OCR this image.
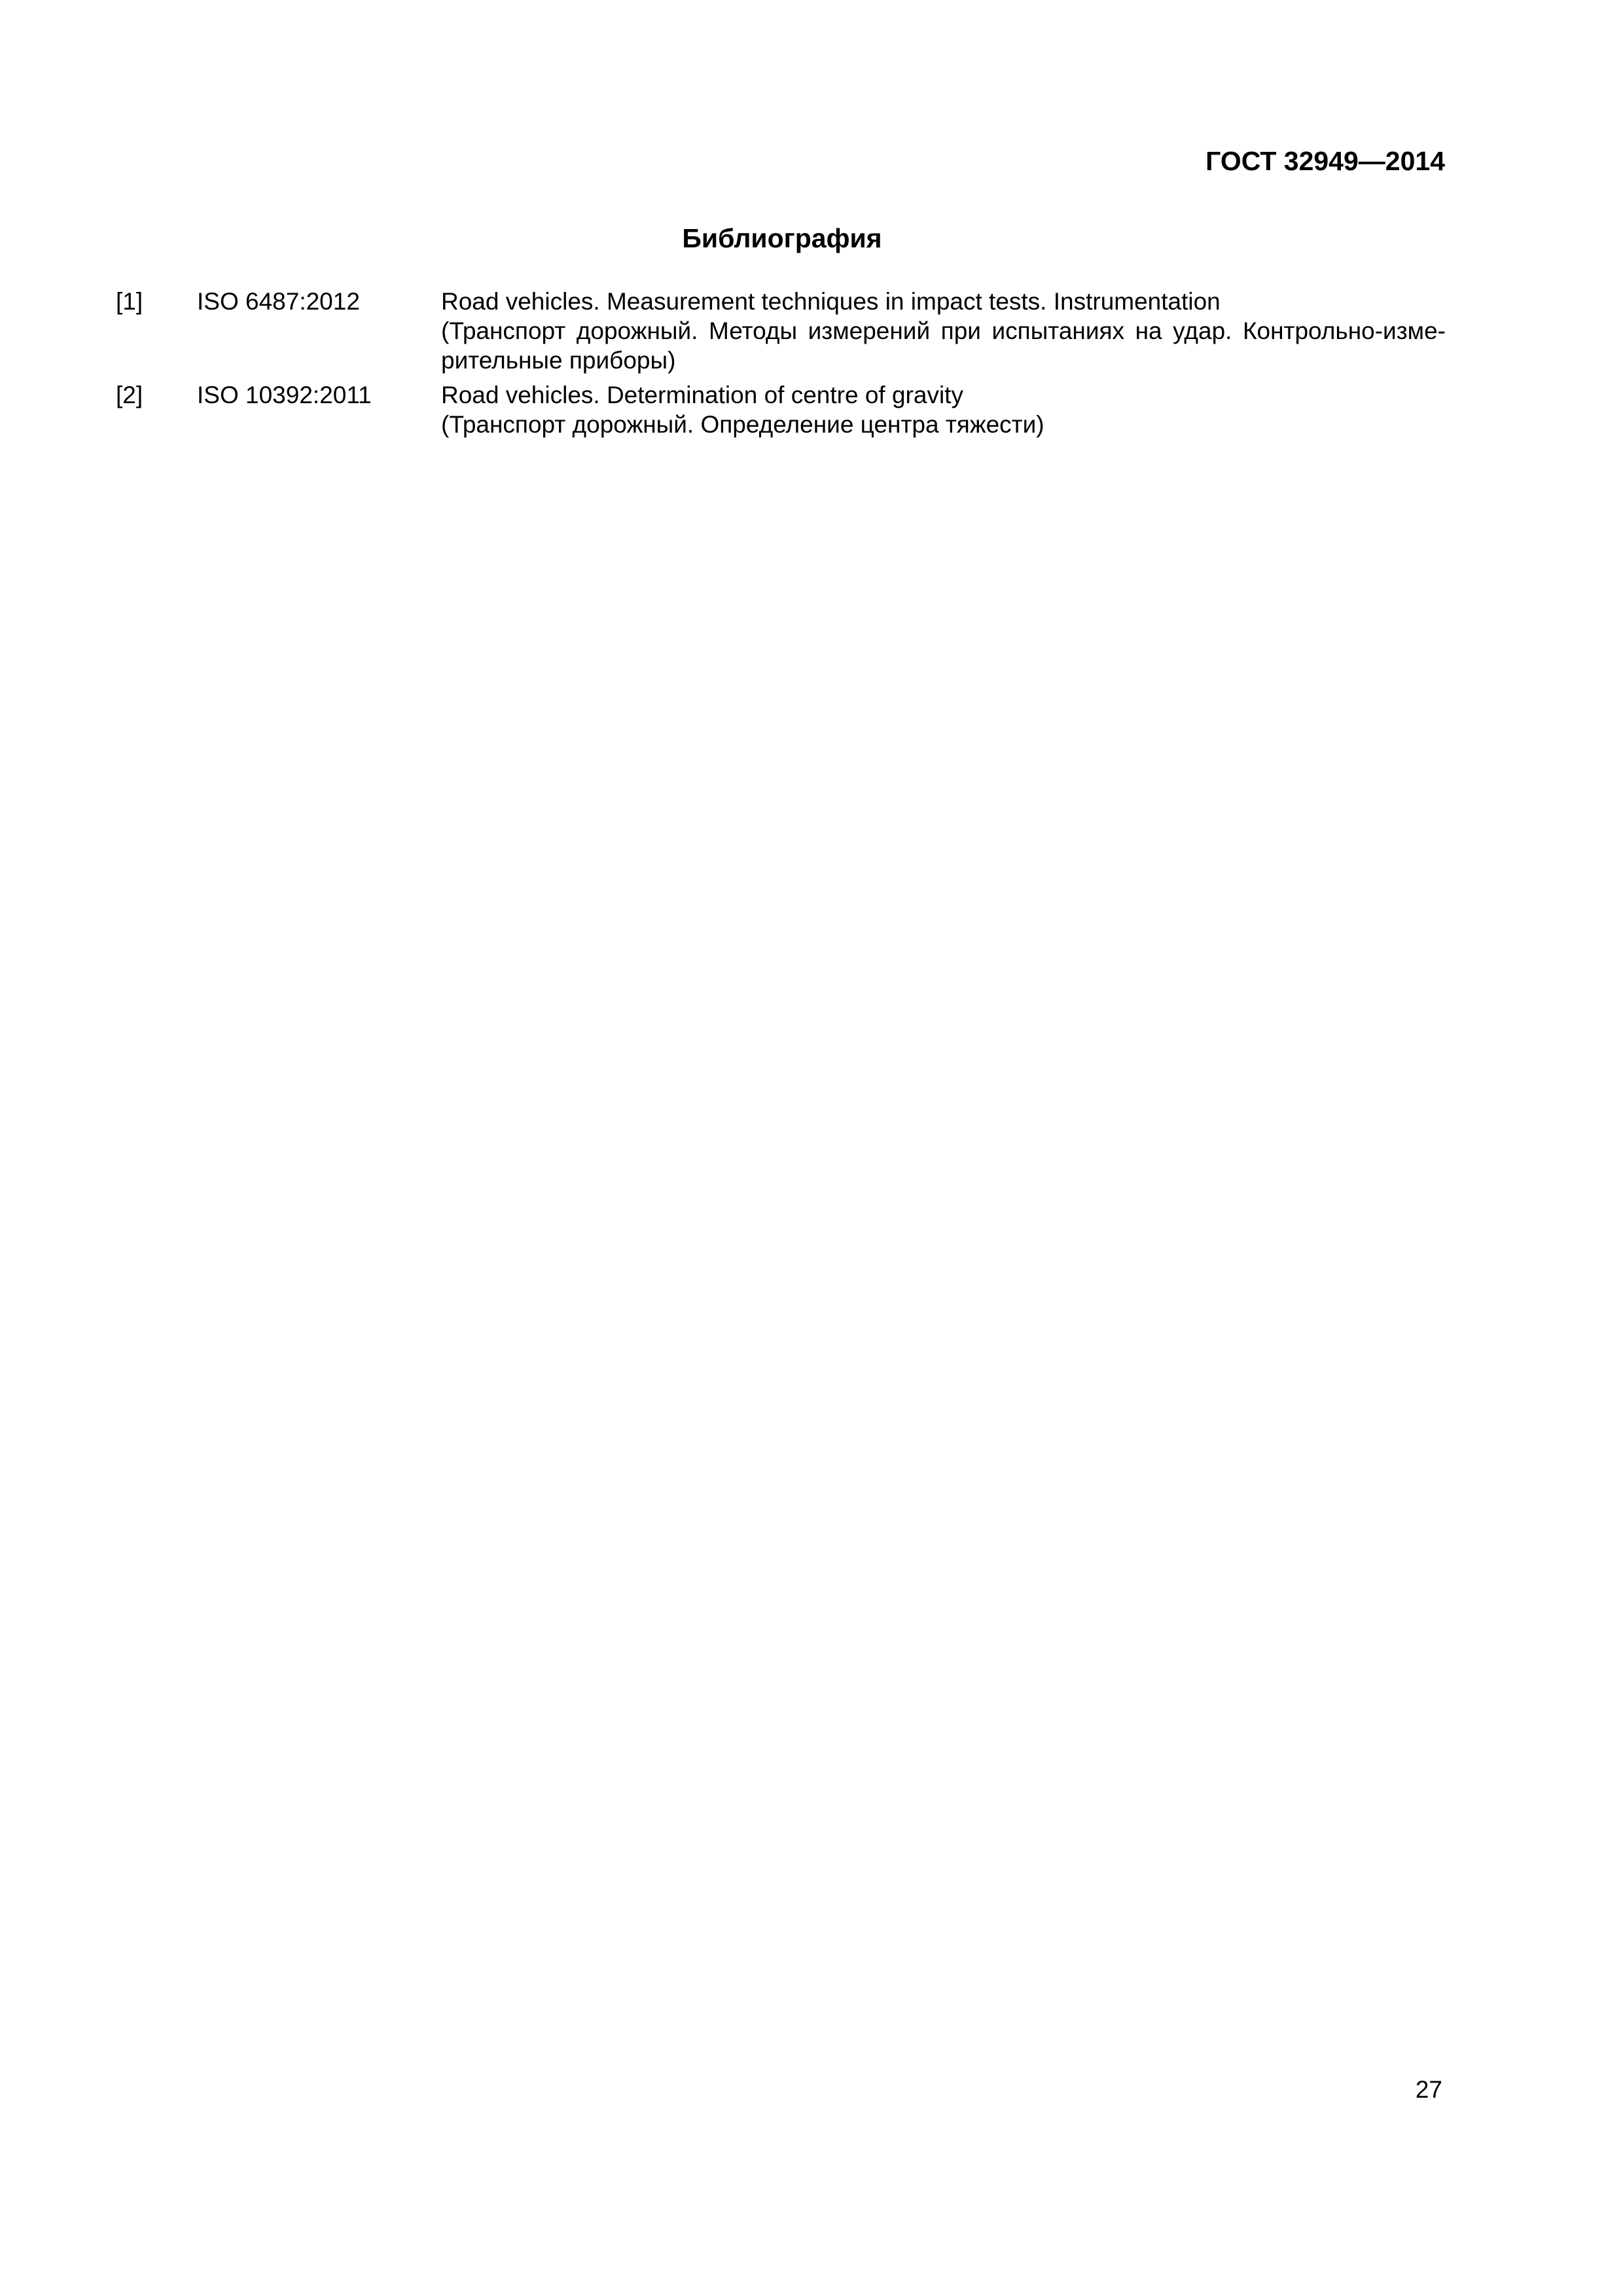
ГОСТ 32949—2014
Библиография
[1] ISO 6487:2012	Road vehicles. Measurement techniques in impact tests. Instrumentation
(Транспорт дорожный. Методы измерений при испытаниях на удар. Контрольно-измерительные приборы)
[2] ISO 10392:2011	Road vehicles. Determination of centre of gravity
(Транспорт дорожный. Определение центра тяжести)
27
